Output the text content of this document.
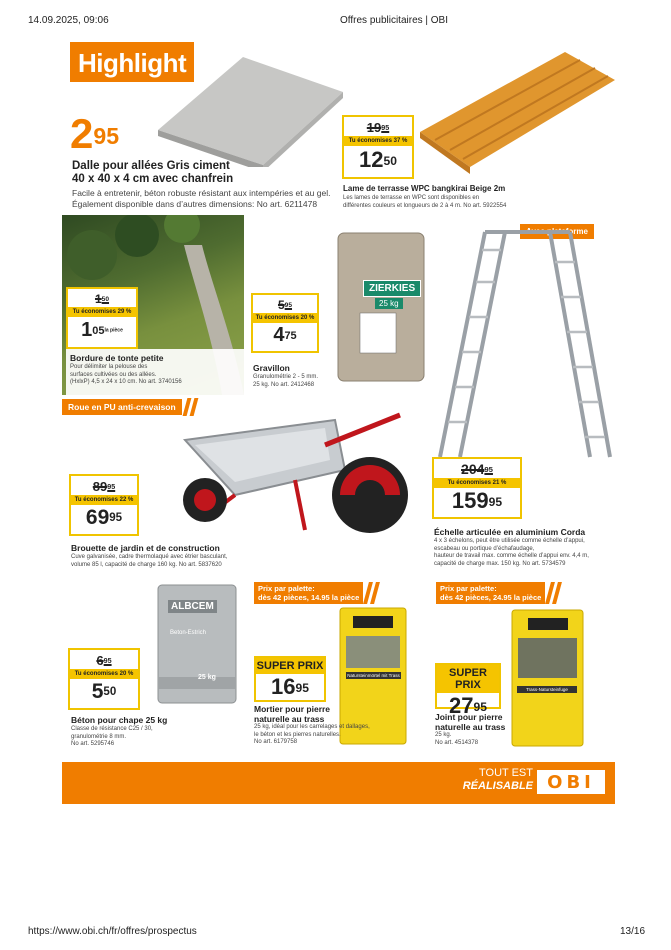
14.09.2025, 09:06	Offres publicitaires | OBI
Highlight
$2^{95}$
Dalle pour allées Gris ciment
40 x 40 x 4 cm avec chanfrein
Facile à entretenir, béton robuste résistant aux intempéries et au gel.
Également disponible dans d’autres dimensions: No art. 6211478
$19^{95}$
Tu économises 37 %
$12^{50}$
Lame de terrasse WPC bangkirai Beige 2m
Les lames de terrasse en WPC sont disponibles en
différentes couleurs et longueurs de 2 à 4 m. No art. 5922554
$1^{50}$
Tu économises 29 %
$1^{05}la$ pièce
Bordure de tonte petite
Pour délimiter la pelouse des
surfaces cultivées ou des allées.
(HxlxP) 4,5 x 24 x 10 cm. No art. 3740156
ZIERKIES
25 kg
$5^{95}$
Tu économises 20 %
$4^{75}$
Gravillon
Granulométrie 2 - 5 mm.
25 kg. No art. 2412468
Avec plateforme
$204^{95}$
Tu économises 21 %
$159^{95}$
Échelle articulée en aluminium Corda
4 x 3 échelons, peut être utilisée comme échelle d’appui,
escabeau ou portique d’échafaudage,
hauteur de travail max. comme échelle d’appui env. 4,4 m,
capacité de charge max. 150 kg. No art. 5734579
Roue en PU anti-crevaison
$89^{95}$
Tu économises 22 %
$69^{95}$
Brouette de jardin et de construction
Cuve galvanisée, cadre thermolaqué avec étrier basculant,
volume 85 l, capacité de charge 160 kg. No art. 5837620
ALBCEM
Beton-Estrich
25 kg
$6^{95}$
Tu économises 20 %
$5^{50}$
Béton pour chape 25 kg
Classe de résistance C25 / 30,
granulométrie 8 mm.
No art. 5295746
Prix par palette:
dès 42 pièces, 14.95 la pièce
Natursteinmörtel mit Trass
SUPER PRIX
$16^{95}$
Mortier pour pierre
naturelle au trass
25 kg, idéal pour les carrelages et dallages,
le béton et les pierres naturelles.
No art. 6179758
Prix par palette:
dès 42 pièces, 24.95 la pièce
Trass-Natursteinfuge
SUPER PRIX
$27^{95}$
Joint pour pierre
naturelle au trass
25 kg.
No art. 4514378
TOUT EST
RÉALISABLE OBI
https://www.obi.ch/fr/offres/prospectus	13/16
